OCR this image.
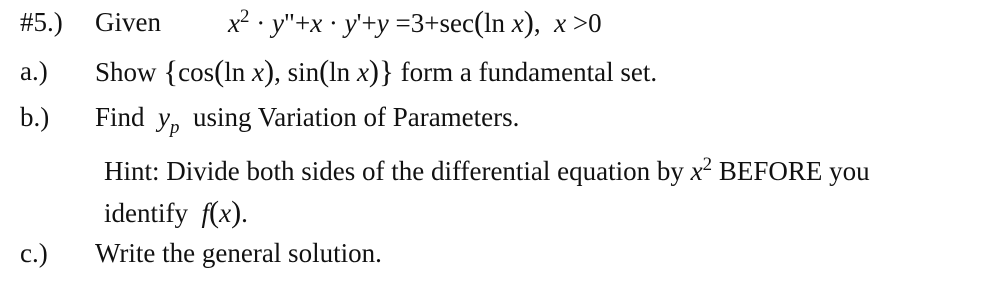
#5.) Given $x^2$ · y"+x · y'+y =3+sec(ln x), x >0
a.) Show {cos(ln x), sin(ln x)} form a fundamental set.
b.) Find $y_p$ using Variation of Parameters.
Hint: Divide both sides of the differential equation by $x^2$ BEFORE you
identify f(x).
c.) Write the general solution.
